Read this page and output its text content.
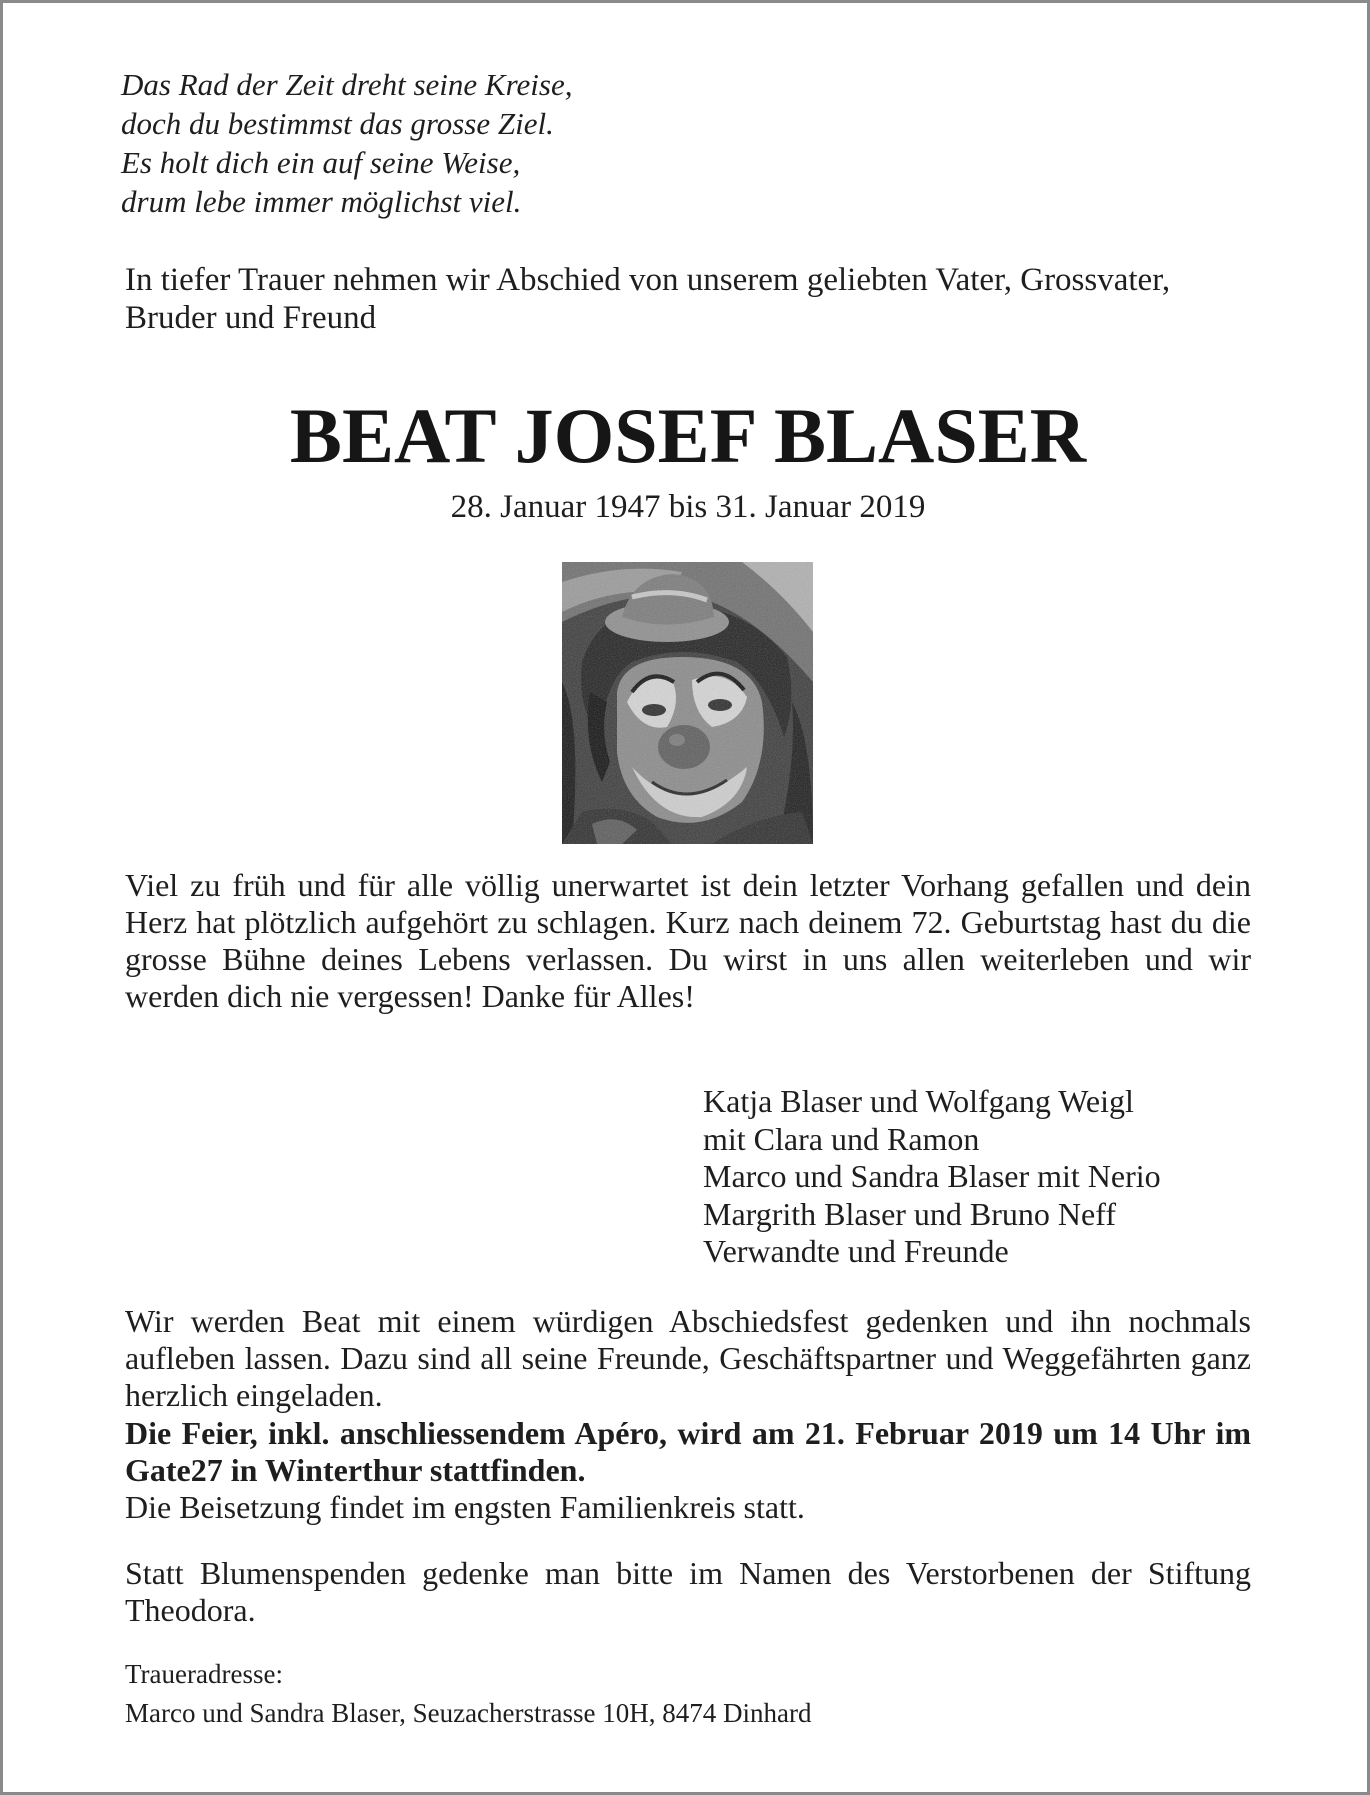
Das Rad der Zeit dreht seine Kreise,
doch du bestimmst das grosse Ziel.
Es holt dich ein auf seine Weise,
drum lebe immer möglichst viel.
In tiefer Trauer nehmen wir Abschied von unserem geliebten Vater, Grossvater, Bruder und Freund
BEAT JOSEF BLASER
28. Januar 1947 bis 31. Januar 2019
Viel zu früh und für alle völlig unerwartet ist dein letzter Vorhang gefallen und dein Herz hat plötzlich aufgehört zu schlagen. Kurz nach deinem 72. Geburtstag hast du die grosse Bühne deines Lebens verlassen. Du wirst in uns allen weiterleben und wir werden dich nie vergessen! Danke für Alles!
Katja Blaser und Wolfgang Weigl
mit Clara und Ramon
Marco und Sandra Blaser mit Nerio
Margrith Blaser und Bruno Neff
Verwandte und Freunde
Wir werden Beat mit einem würdigen Abschiedsfest gedenken und ihn nochmals aufleben lassen. Dazu sind all seine Freunde, Geschäftspartner und Weggefährten ganz herzlich eingeladen.
Die Feier, inkl. anschliessendem Apéro, wird am 21. Februar 2019 um 14 Uhr im Gate27 in Winterthur stattfinden.
Die Beisetzung findet im engsten Familienkreis statt.
Statt Blumenspenden gedenke man bitte im Namen des Verstorbenen der Stiftung Theodora.
Traueradresse:
Marco und Sandra Blaser, Seuzacherstrasse 10H, 8474 Dinhard
